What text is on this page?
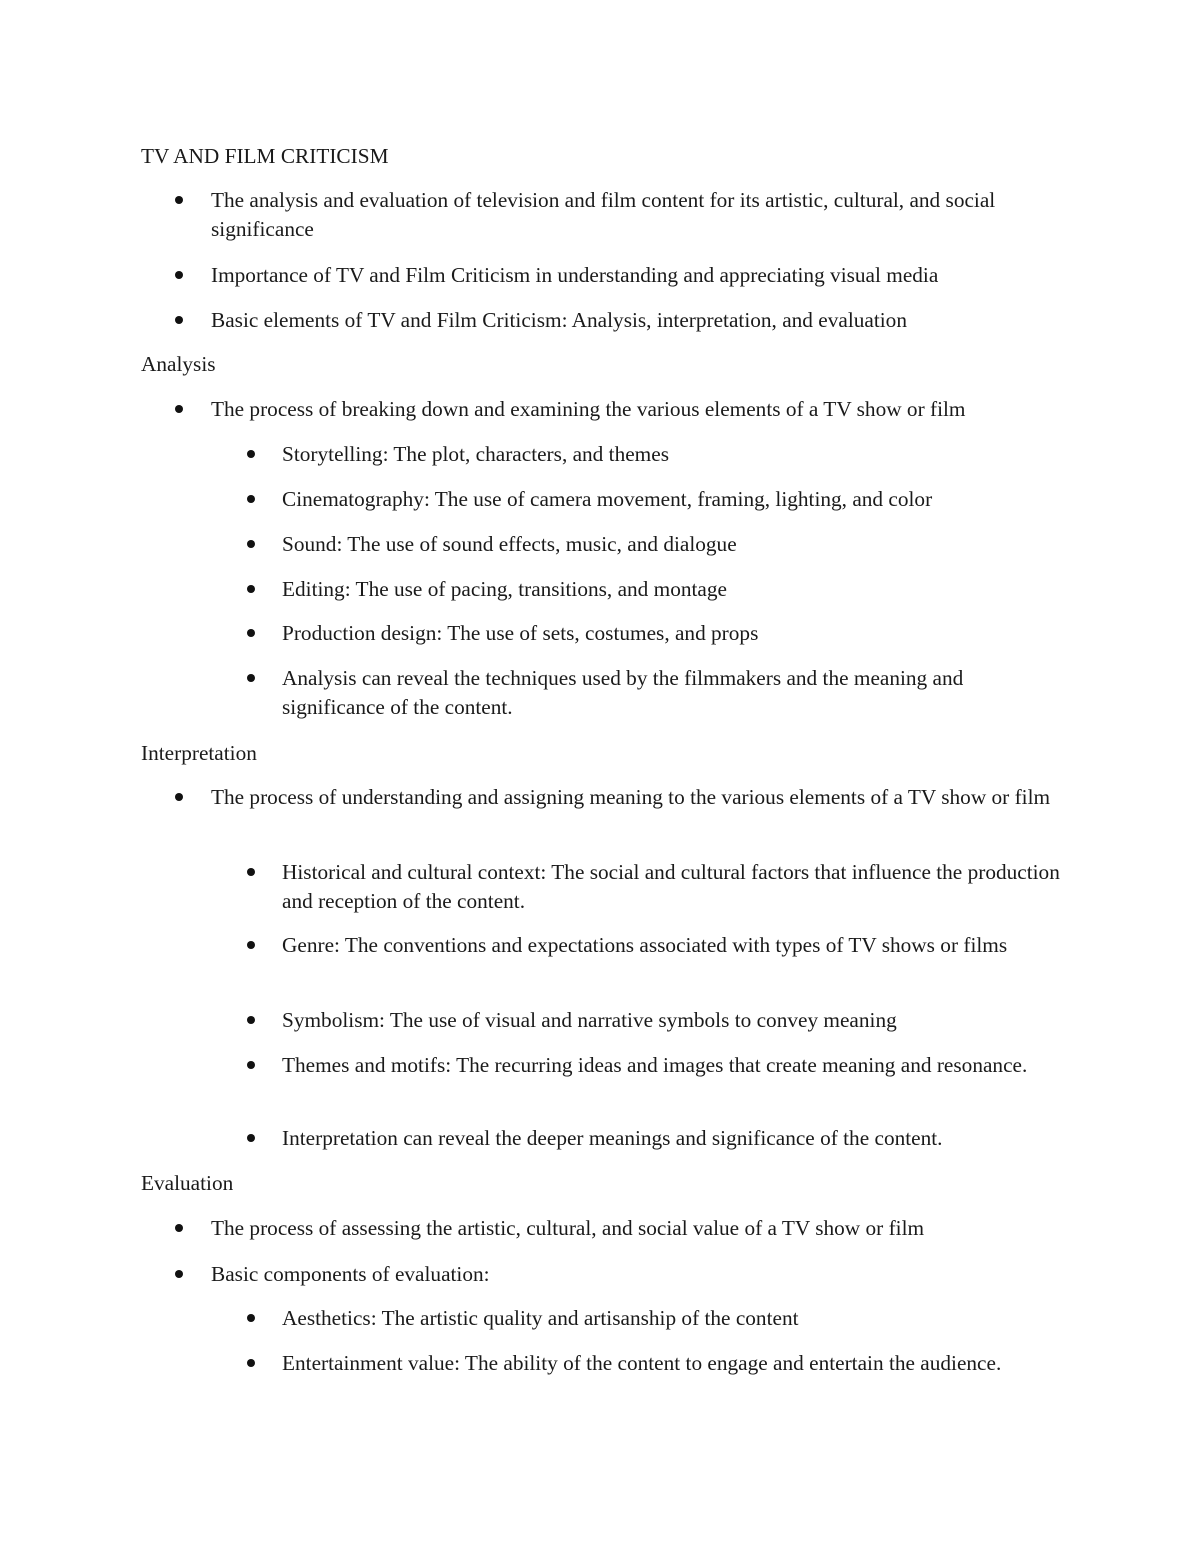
TV AND FILM CRITICISM

The analysis and evaluation of television and film content for its artistic, cultural, and social significance

Importance of TV and Film Criticism in understanding and appreciating visual media

Basic elements of TV and Film Criticism: Analysis, interpretation, and evaluation

Analysis

The process of breaking down and examining the various elements of a TV show or film

Storytelling: The plot, characters, and themes

Cinematography: The use of camera movement, framing, lighting, and color

Sound: The use of sound effects, music, and dialogue

Editing: The use of pacing, transitions, and montage

Production design: The use of sets, costumes, and props

Analysis can reveal the techniques used by the filmmakers and the meaning and significance of the content.

Interpretation

The process of understanding and assigning meaning to the various elements of a TV show or film

Historical and cultural context: The social and cultural factors that influence the production and reception of the content.

Genre: The conventions and expectations associated with types of TV shows or films

Symbolism: The use of visual and narrative symbols to convey meaning

Themes and motifs: The recurring ideas and images that create meaning and resonance.

Interpretation can reveal the deeper meanings and significance of the content.

Evaluation

The process of assessing the artistic, cultural, and social value of a TV show or film

Basic components of evaluation:

Aesthetics: The artistic quality and artisanship of the content

Entertainment value: The ability of the content to engage and entertain the audience.
